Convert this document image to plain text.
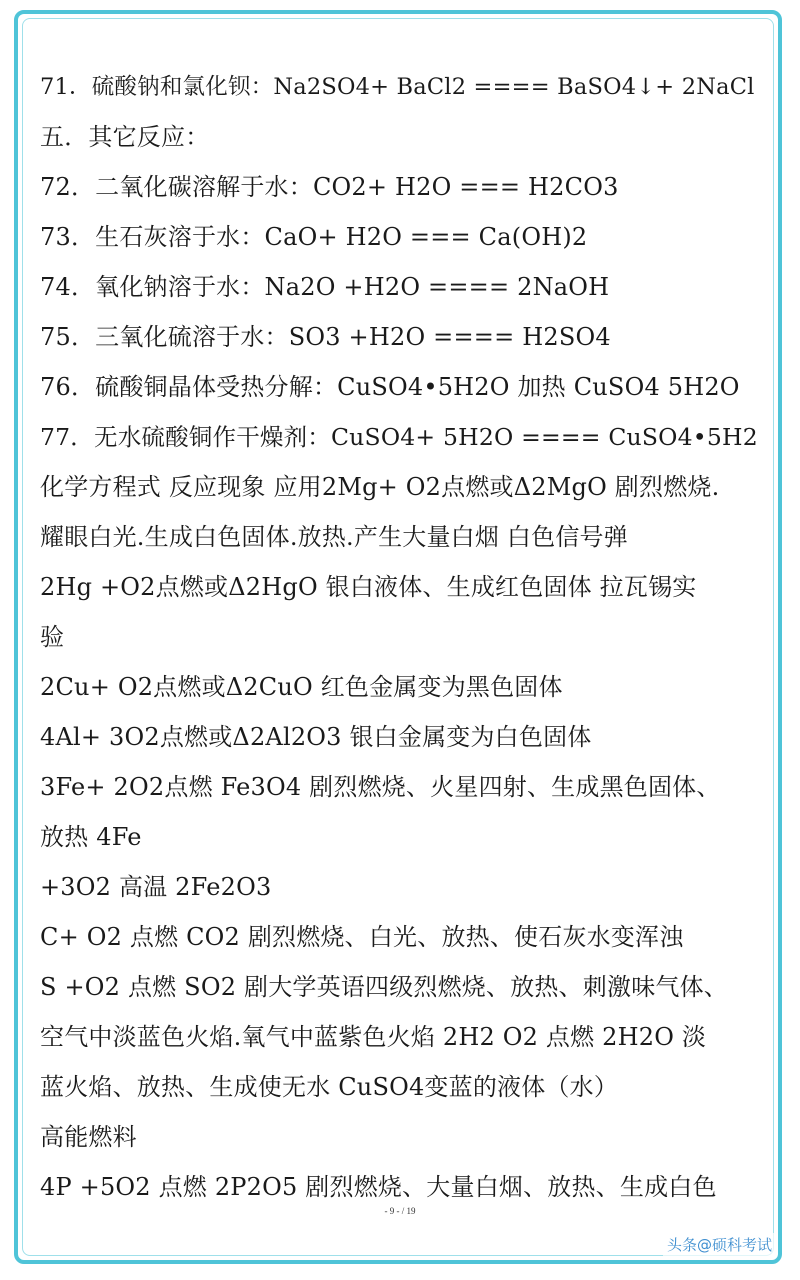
71．硫酸钠和氯化钡：Na2SO4+ BaCl2 ==== BaSO4↓+ 2NaCl
五．其它反应：
72．二氧化碳溶解于水：CO2+ H2O === H2CO3
73．生石灰溶于水：CaO+ H2O === Ca(OH)2
74．氧化钠溶于水：Na2O +H2O ==== 2NaOH
75．三氧化硫溶于水：SO3 +H2O ==== H2SO4
76．硫酸铜晶体受热分解：CuSO4•5H2O 加热 CuSO4 5H2O
77．无水硫酸铜作干燥剂：CuSO4+ 5H2O ==== CuSO4•5H2
化学方程式 反应现象 应用2Mg+ O2点燃或Δ2MgO 剧烈燃烧.
耀眼白光.生成白色固体.放热.产生大量白烟 白色信号弹
2Hg +O2点燃或Δ2HgO 银白液体、生成红色固体 拉瓦锡实
验
2Cu+ O2点燃或Δ2CuO 红色金属变为黑色固体
4Al+ 3O2点燃或Δ2Al2O3 银白金属变为白色固体
3Fe+ 2O2点燃 Fe3O4 剧烈燃烧、火星四射、生成黑色固体、
放热 4Fe
+3O2 高温 2Fe2O3
C+ O2 点燃 CO2 剧烈燃烧、白光、放热、使石灰水变浑浊
S +O2 点燃 SO2 剧大学英语四级烈燃烧、放热、刺激味气体、
空气中淡蓝色火焰.氧气中蓝紫色火焰 2H2 O2 点燃 2H2O 淡
蓝火焰、放热、生成使无水 CuSO4变蓝的液体（水）
高能燃料
4P +5O2 点燃 2P2O5 剧烈燃烧、大量白烟、放热、生成白色
- 9 - / 19
头条@硕科考试
